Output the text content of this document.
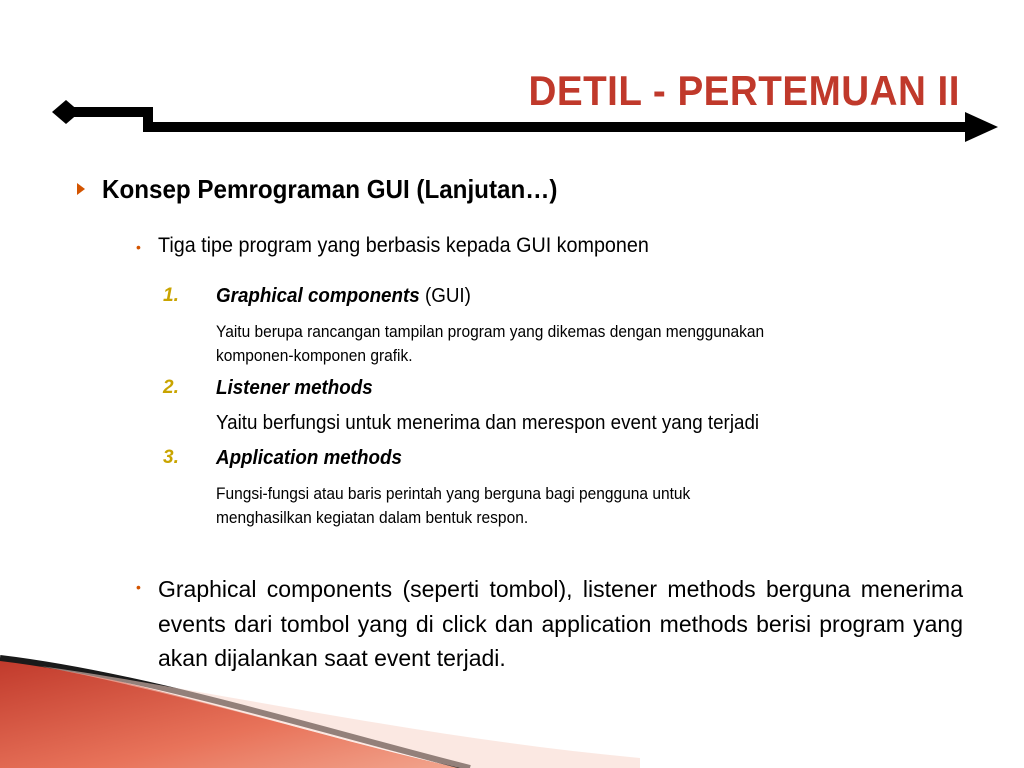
DETIL - PERTEMUAN II
Konsep Pemrograman GUI (Lanjutan…)
• Tiga tipe program yang berbasis kepada GUI komponen
1. Graphical components (GUI)
Yaitu berupa rancangan tampilan program yang dikemas dengan menggunakan
komponen-komponen grafik.
2. Listener methods
Yaitu berfungsi untuk menerima dan merespon event yang terjadi
3. Application methods
Fungsi-fungsi atau baris perintah yang berguna bagi pengguna untuk
menghasilkan kegiatan dalam bentuk respon.
• Graphical components (seperti tombol), listener methods berguna menerima events dari tombol yang di click dan application methods berisi program yang akan dijalankan saat event terjadi.
